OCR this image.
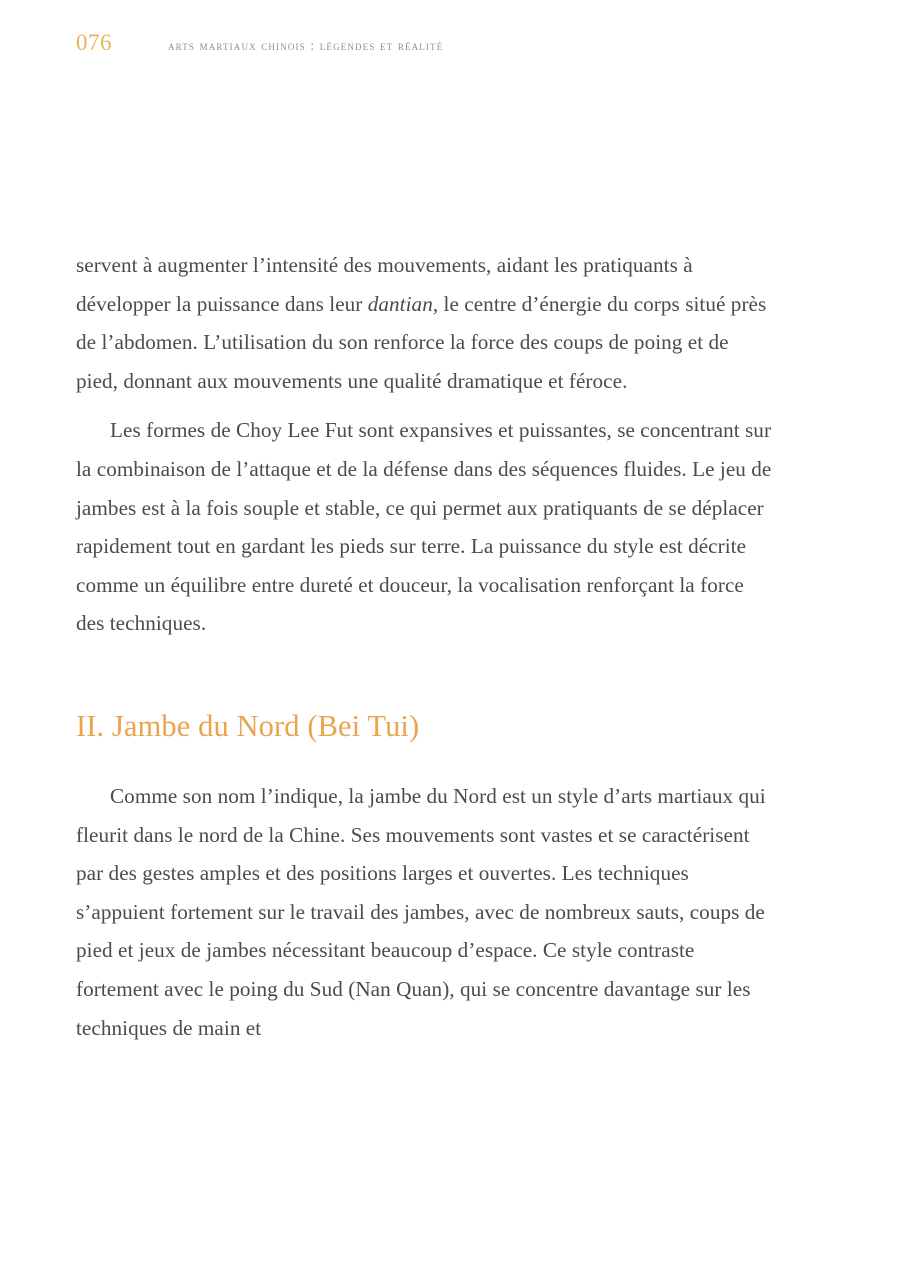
076	arts martiaux chinois : légendes et réalité

servent à augmenter l’intensité des mouvements, aidant les pratiquants à développer la puissance dans leur dantian, le centre d’énergie du corps situé près de l’abdomen. L’utilisation du son renforce la force des coups de poing et de pied, donnant aux mouvements une qualité dramatique et féroce.

Les formes de Choy Lee Fut sont expansives et puissantes, se concentrant sur la combinaison de l’attaque et de la défense dans des séquences fluides. Le jeu de jambes est à la fois souple et stable, ce qui permet aux pratiquants de se déplacer rapidement tout en gardant les pieds sur terre. La puissance du style est décrite comme un équilibre entre dureté et douceur, la vocalisation renforçant la force des techniques.

II. Jambe du Nord (Bei Tui)

Comme son nom l’indique, la jambe du Nord est un style d’arts martiaux qui fleurit dans le nord de la Chine. Ses mouvements sont vastes et se caractérisent par des gestes amples et des positions larges et ouvertes. Les techniques s’appuient fortement sur le travail des jambes, avec de nombreux sauts, coups de pied et jeux de jambes nécessitant beaucoup d’espace. Ce style contraste fortement avec le poing du Sud (Nan Quan), qui se concentre davantage sur les techniques de main et
